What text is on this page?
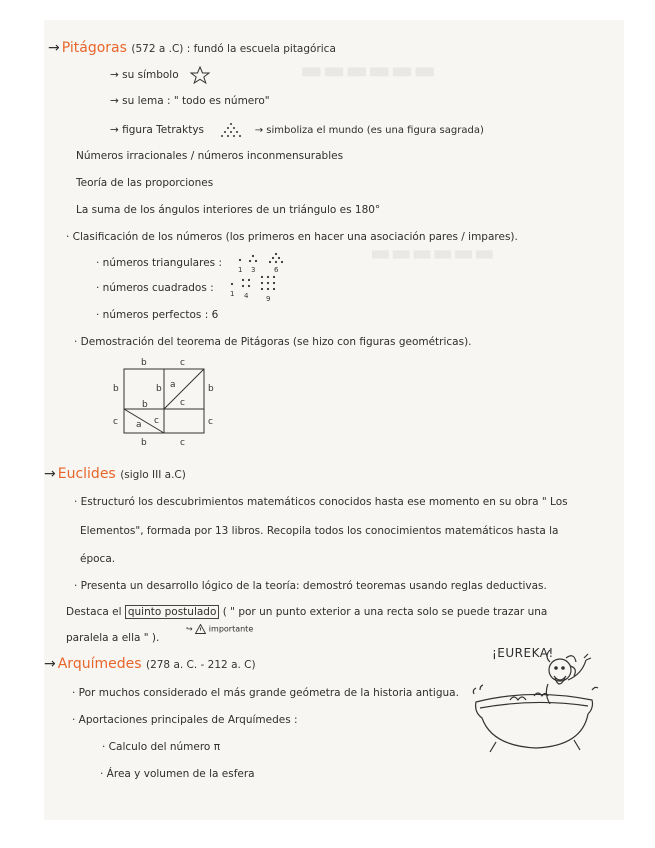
→ Pitágoras (572 a .C) : fundó la escuela pitagórica
→ su símbolo
→ su lema : " todo es número"
→ figura Tetraktys	→ simboliza el mundo (es una figura sagrada)
Números irracionales / números inconmensurables
Teoría de las proporciones
La suma de los ángulos interiores de un triángulo es 180°
· Clasificación de los números (los primeros en hacer una asociación pares / impares).
· números triangulares :
1 3	6
· números cuadrados : 1 4	9
· números perfectos : 6
· Demostración del teorema de Pitágoras (se hizo con figuras geométricas).
b	c
b
c
b a
b	c
a c
b
c
b	c
→ Euclides (siglo III a.C)
· Estructuró los descubrimientos matemáticos conocidos hasta ese momento en su obra " Los
Elementos", formada por 13 libros. Recopila todos los conocimientos matemáticos hasta la
época.
· Presenta un desarrollo lógico de la teoría: demostró teoremas usando reglas deductivas.
Destaca el quinto postulado ( " por un punto exterior a una recta solo se puede trazar una
paralela a ella " ).
↪ importante
→ Arquímedes (278 a. C. - 212 a. C)
· Por muchos considerado el más grande geómetra de la historia antigua.
· Aportaciones principales de Arquímedes :
· Calculo del número π
· Área y volumen de la esfera
¡EUREKA!
